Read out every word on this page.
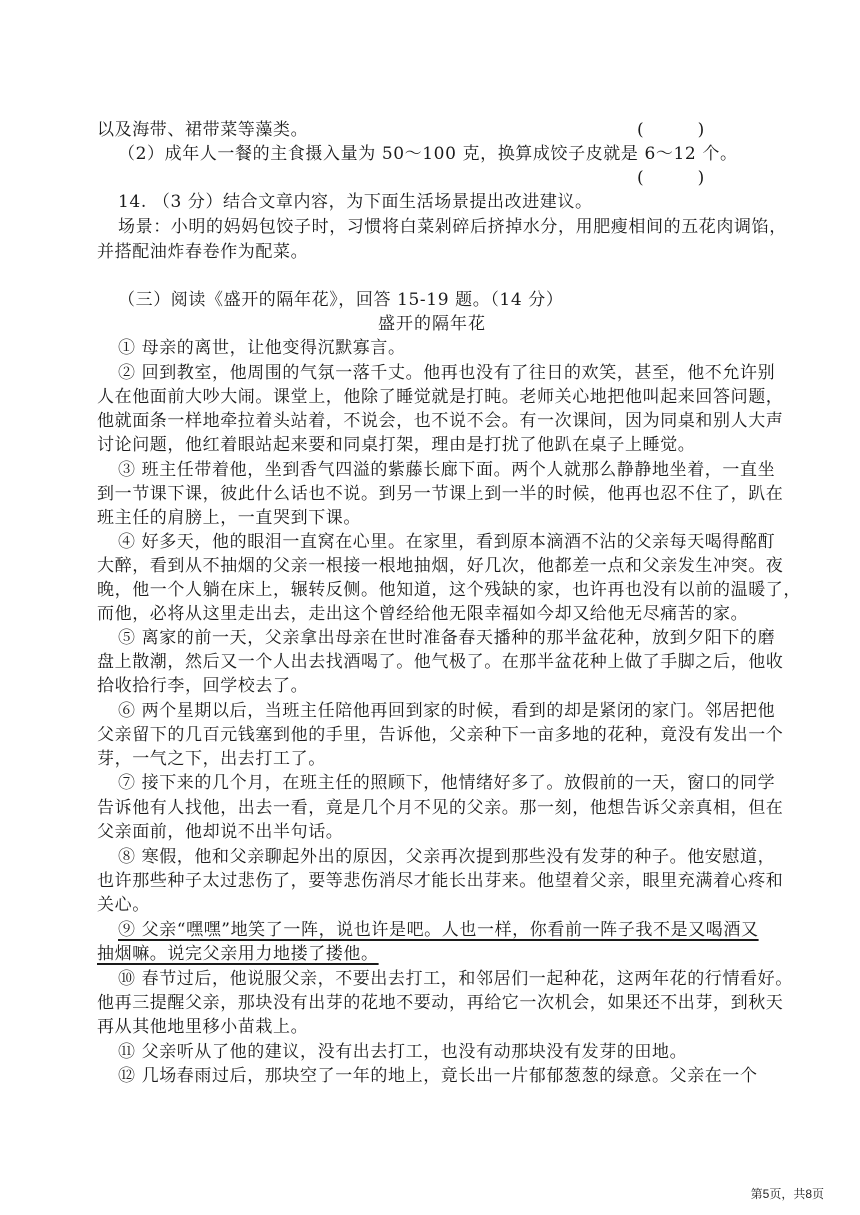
以及海带、裙带菜等藻类。	(          )
（2）成年人一餐的主食摄入量为 50～100 克，换算成饺子皮就是 6～12 个。
(          )
14. （3 分）结合文章内容，为下面生活场景提出改进建议。
场景：小明的妈妈包饺子时，习惯将白菜剁碎后挤掉水分，用肥瘦相间的五花肉调馅，
并搭配油炸春卷作为配菜。
（三）阅读《盛开的隔年花》，回答 15-19 题。（14 分）
盛开的隔年花
① 母亲的离世，让他变得沉默寡言。
② 回到教室，他周围的气氛一落千丈。他再也没有了往日的欢笑，甚至，他不允许别
人在他面前大吵大闹。课堂上，他除了睡觉就是打盹。老师关心地把他叫起来回答问题，
他就面条一样地牵拉着头站着，不说会，也不说不会。有一次课间，因为同桌和别人大声
讨论问题，他红着眼站起来要和同桌打架，理由是打扰了他趴在桌子上睡觉。
③ 班主任带着他，坐到香气四溢的紫藤长廊下面。两个人就那么静静地坐着，一直坐
到一节课下课，彼此什么话也不说。到另一节课上到一半的时候，他再也忍不住了，趴在
班主任的肩膀上，一直哭到下课。
④ 好多天，他的眼泪一直窝在心里。在家里，看到原本滴酒不沾的父亲每天喝得酩酊
大醉，看到从不抽烟的父亲一根接一根地抽烟，好几次，他都差一点和父亲发生冲突。夜
晚，他一个人躺在床上，辗转反侧。他知道，这个残缺的家，也许再也没有以前的温暖了，
而他，必将从这里走出去，走出这个曾经给他无限幸福如今却又给他无尽痛苦的家。
⑤ 离家的前一天，父亲拿出母亲在世时准备春天播种的那半盆花种，放到夕阳下的磨
盘上散潮，然后又一个人出去找酒喝了。他气极了。在那半盆花种上做了手脚之后，他收
拾收拾行李，回学校去了。
⑥ 两个星期以后，当班主任陪他再回到家的时候，看到的却是紧闭的家门。邻居把他
父亲留下的几百元钱塞到他的手里，告诉他，父亲种下一亩多地的花种，竟没有发出一个
芽，一气之下，出去打工了。
⑦ 接下来的几个月，在班主任的照顾下，他情绪好多了。放假前的一天，窗口的同学
告诉他有人找他，出去一看，竟是几个月不见的父亲。那一刻，他想告诉父亲真相，但在
父亲面前，他却说不出半句话。
⑧ 寒假，他和父亲聊起外出的原因，父亲再次提到那些没有发芽的种子。他安慰道，
也许那些种子太过悲伤了，要等悲伤消尽才能长出芽来。他望着父亲，眼里充满着心疼和
关心。
⑨ 父亲“嘿嘿”地笑了一阵，说也许是吧。人也一样，你看前一阵子我不是又喝酒又
抽烟嘛。说完父亲用力地搂了搂他。
⑩ 春节过后，他说服父亲，不要出去打工，和邻居们一起种花，这两年花的行情看好。
他再三提醒父亲，那块没有出芽的花地不要动，再给它一次机会，如果还不出芽，到秋天
再从其他地里移小苗栽上。
⑪ 父亲听从了他的建议，没有出去打工，也没有动那块没有发芽的田地。
⑫ 几场春雨过后，那块空了一年的地上，竟长出一片郁郁葱葱的绿意。父亲在一个
第5页，共8页
